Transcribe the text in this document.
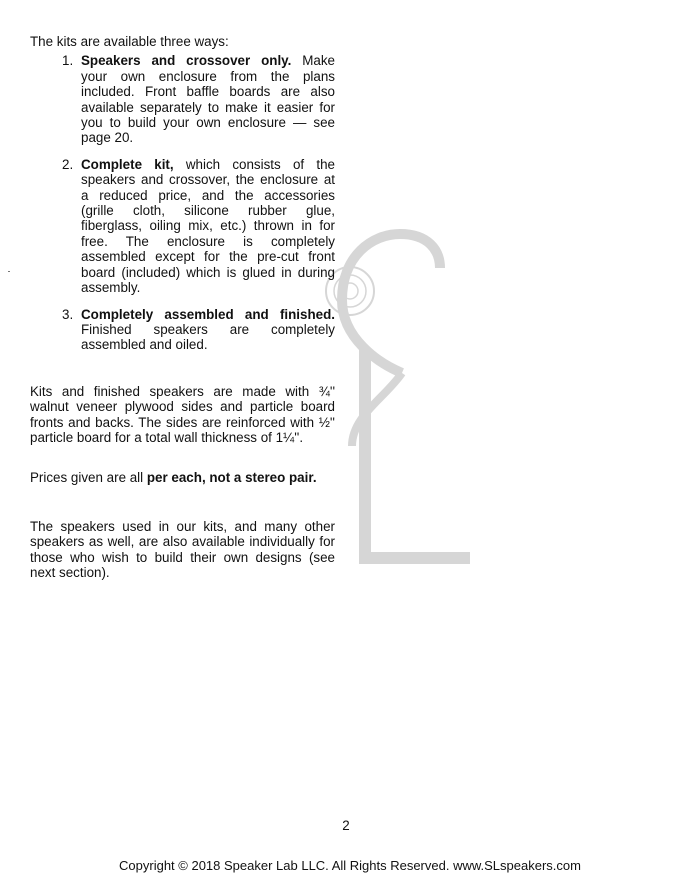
The kits are available three ways:

1. Speakers and crossover only. Make your own enclosure from the plans included. Front baffle boards are also available separately to make it easier for you to build your own enclosure — see page 20.
2. Complete kit, which consists of the speakers and crossover, the enclosure at a reduced price, and the accessories (grille cloth, silicone rubber glue, fiberglass, oiling mix, etc.) thrown in for free. The enclosure is completely assembled except for the pre-cut front board (included) which is glued in during assembly.
3. Completely assembled and finished. Finished speakers are completely assembled and oiled.

Kits and finished speakers are made with ¾'' walnut veneer plywood sides and particle board fronts and backs. The sides are reinforced with ½'' particle board for a total wall thickness of 1¼''.

Prices given are all per each, not a stereo pair.

The speakers used in our kits, and many other speakers as well, are also available individually for those who wish to build their own designs (see next section).

2
Copyright © 2018 Speaker Lab LLC. All Rights Reserved. www.SLspeakers.com
